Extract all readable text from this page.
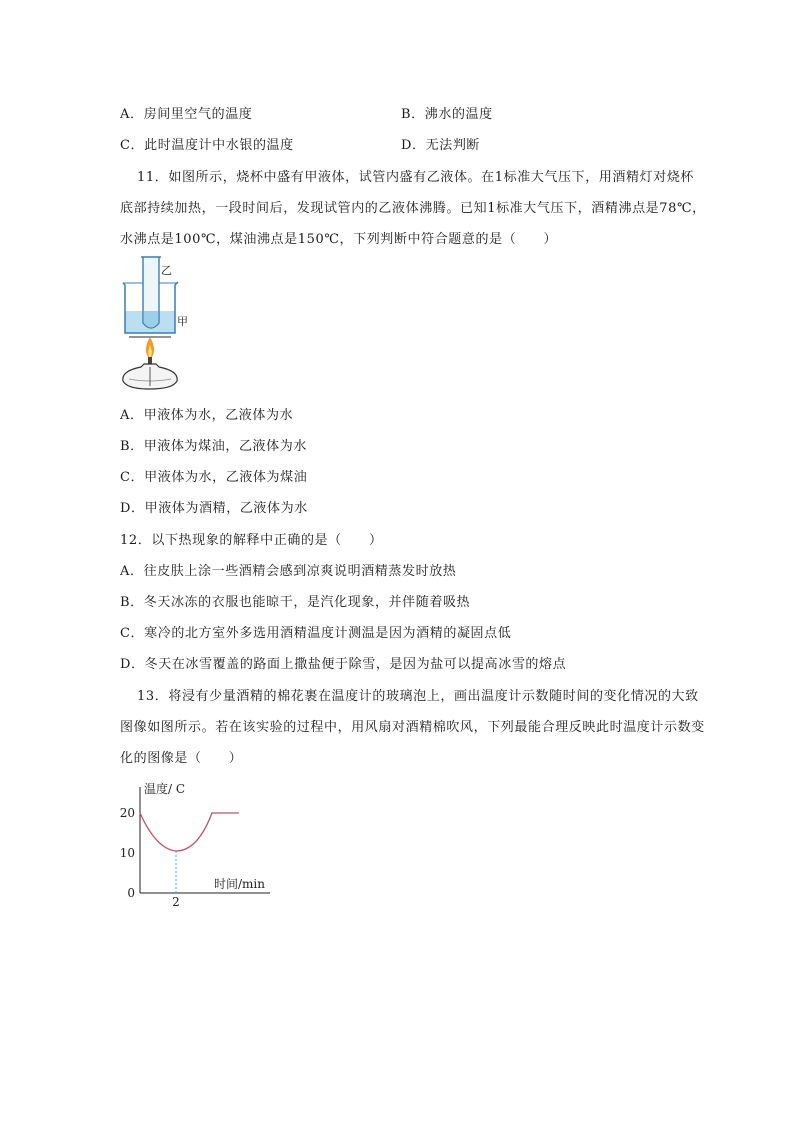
A．房间里空气的温度	B．沸水的温度
C．此时温度计中水银的温度	D．无法判断
11．如图所示，烧杯中盛有甲液体，试管内盛有乙液体。在1标准大气压下，用酒精灯对烧杯
底部持续加热，一段时间后，发现试管内的乙液体沸腾。已知1标准大气压下，酒精沸点是78℃，
水沸点是100℃，煤油沸点是150℃，下列判断中符合题意的是（　　）
乙
甲
A．甲液体为水，乙液体为水
B．甲液体为煤油，乙液体为水
C．甲液体为水，乙液体为煤油
D．甲液体为酒精，乙液体为水
12．以下热现象的解释中正确的是（　　）
A．往皮肤上涂一些酒精会感到凉爽说明酒精蒸发时放热
B．冬天冰冻的衣服也能晾干，是汽化现象，并伴随着吸热
C．寒冷的北方室外多选用酒精温度计测温是因为酒精的凝固点低
D．冬天在冰雪覆盖的路面上撒盐便于除雪，是因为盐可以提高冰雪的熔点
13．将浸有少量酒精的棉花裹在温度计的玻璃泡上，画出温度计示数随时间的变化情况的大致
图像如图所示。若在该实验的过程中，用风扇对酒精棉吹风，下列最能合理反映此时温度计示数变
化的图像是（　　）
温度/ C
时间/min
20
10
0
2
